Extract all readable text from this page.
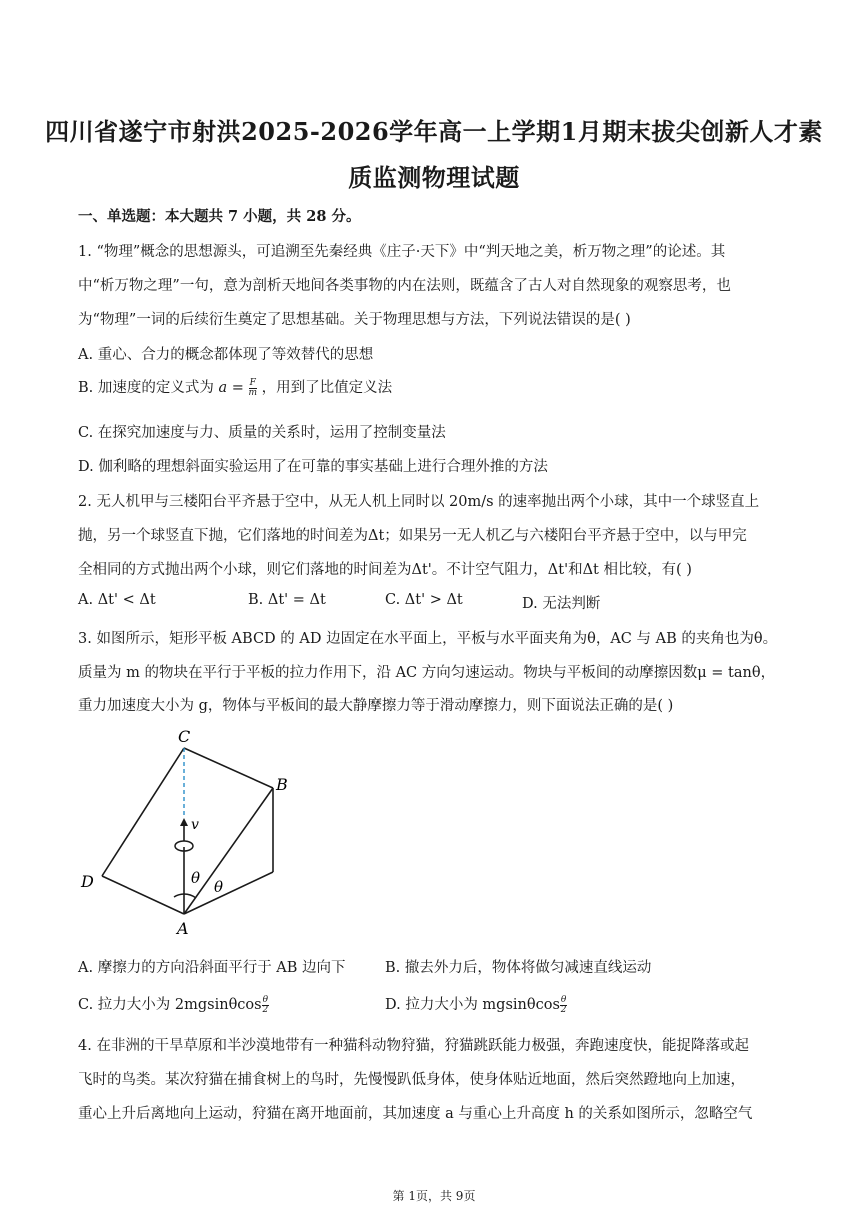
四川省遂宁市射洪2025-2026学年高一上学期1月期末拔尖创新人才素
质监测物理试题
一、单选题：本大题共 7 小题，共 28 分。
1. “物理”概念的思想源头，可追溯至先秦经典《庄子·天下》中“判天地之美，析万物之理”的论述。其
中“析万物之理”一句，意为剖析天地间各类事物的内在法则，既蕴含了古人对自然现象的观察思考，也
为“物理”一词的后续衍生奠定了思想基础。关于物理思想与方法，下列说法错误的是( )
A. 重心、合力的概念都体现了等效替代的思想
B. 加速度的定义式为 $a = \frac{F}{m}$ ，用到了比值定义法
C. 在探究加速度与力、质量的关系时，运用了控制变量法
D. 伽利略的理想斜面实验运用了在可靠的事实基础上进行合理外推的方法
2. 无人机甲与三楼阳台平齐悬于空中，从无人机上同时以 20m/s 的速率抛出两个小球，其中一个球竖直上
抛，另一个球竖直下抛，它们落地的时间差为Δt；如果另一无人机乙与六楼阳台平齐悬于空中，以与甲完
全相同的方式抛出两个小球，则它们落地的时间差为Δt'。不计空气阻力，Δt'和Δt 相比较，有( )
A. Δt' < Δt	B. Δt' = Δt	C. Δt' > Δt	D. 无法判断
3. 如图所示，矩形平板 ABCD 的 AD 边固定在水平面上，平板与水平面夹角为θ，AC 与 AB 的夹角也为θ。
质量为 m 的物块在平行于平板的拉力作用下，沿 AC 方向匀速运动。物块与平板间的动摩擦因数μ = tanθ，
重力加速度大小为 g，物体与平板间的最大静摩擦力等于滑动摩擦力，则下面说法正确的是( )
C
B
D
A
v
θ θ
A. 摩擦力的方向沿斜面平行于 AB 边向下	B. 撤去外力后，物体将做匀减速直线运动
C. 拉力大小为 $2mgsin\theta\cos \frac{\theta}{2}$	D. 拉力大小为 mgsinθcos $\frac{\theta}{2}$
4. 在非洲的干旱草原和半沙漠地带有一种猫科动物狩猫，狩猫跳跃能力极强，奔跑速度快，能捉降落或起
飞时的鸟类。某次狩猫在捕食树上的鸟时，先慢慢趴低身体，使身体贴近地面，然后突然蹬地向上加速，
重心上升后离地向上运动，狩猫在离开地面前，其加速度 a 与重心上升高度 h 的关系如图所示，忽略空气
第 1页，共 9页
